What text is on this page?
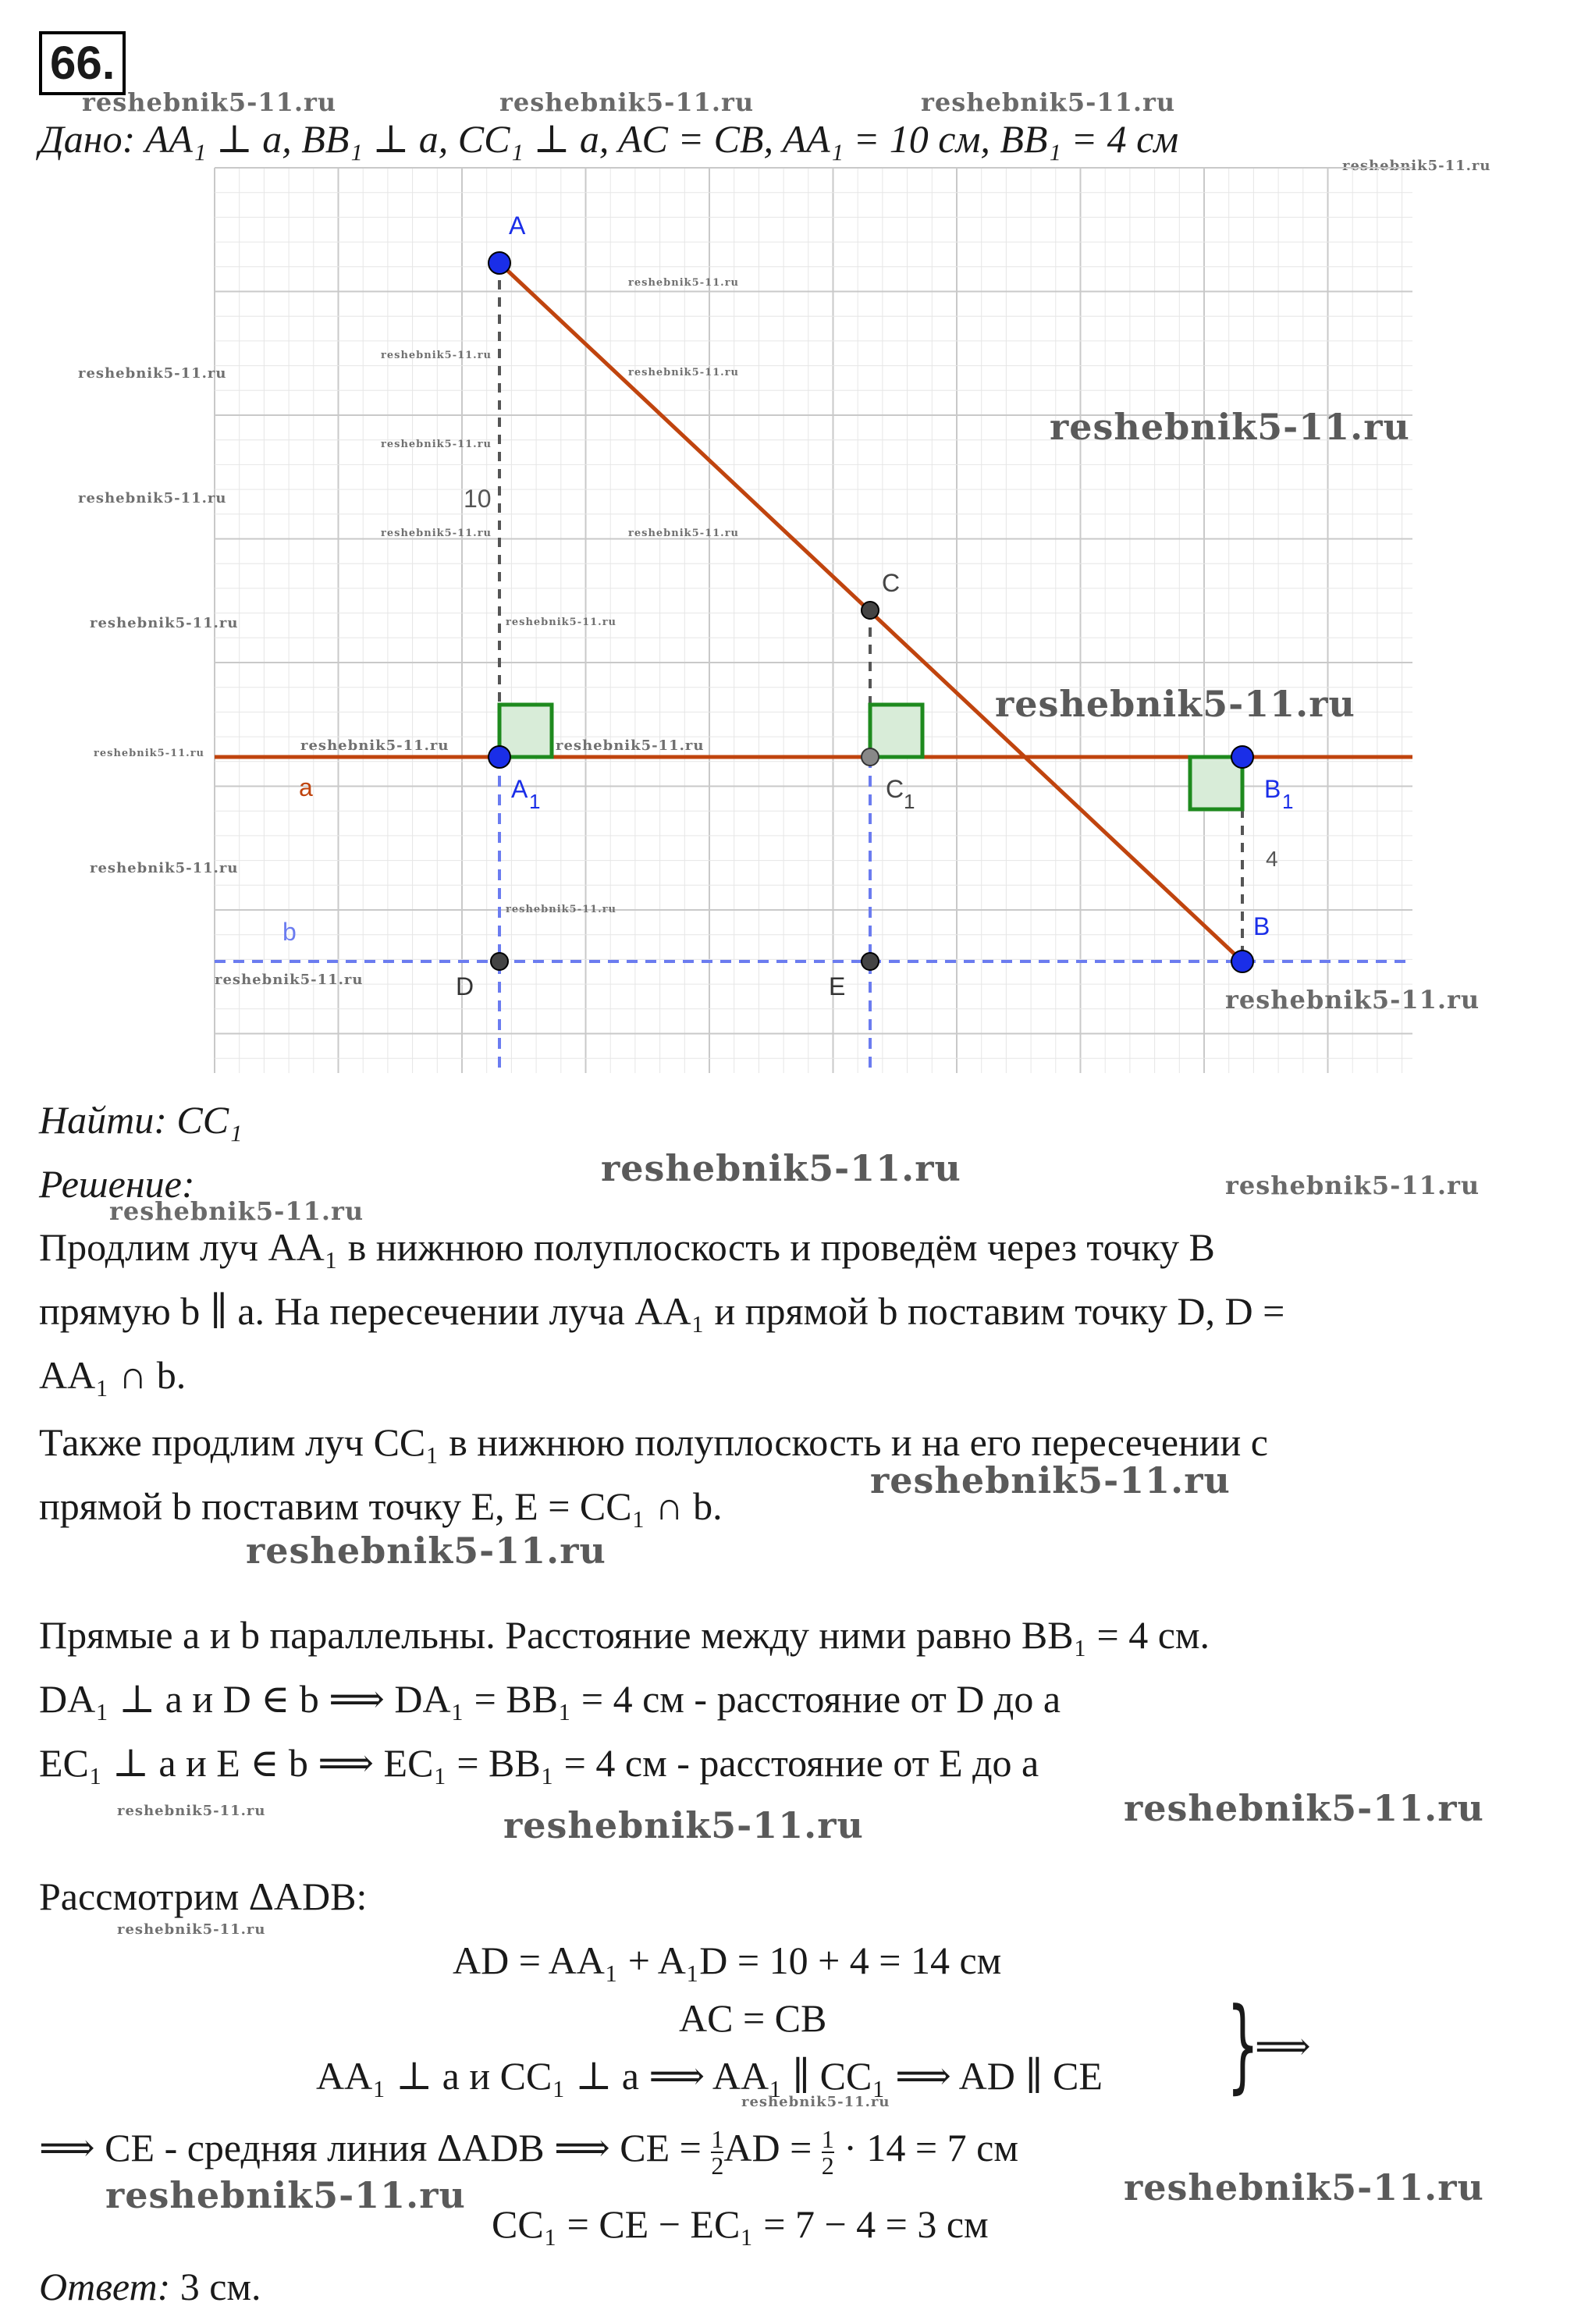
66.
reshebnik5-11.ru	reshebnik5-11.ru	reshebnik5-11.ru
reshebnik5-11.ru
Дано: AA₁ ⊥ a, BB₁ ⊥ a, CC₁ ⊥ a, AC = CB, AA₁ = 10 см, BB₁ = 4 см
A
A 1
B
B 1
C
C 1
D	E
a
b
10
4
reshebnik5-11.ru
reshebnik5-11.ru
reshebnik5-11.ru
reshebnik5-11.ru
reshebnik5-11.ru
reshebnik5-11.ru
reshebnik5-11.ru
reshebnik5-11.ru	reshebnik5-11.ru
reshebnik5-11.ru	reshebnik5-11.ru
reshebnik5-11.ru
reshebnik5-11.ru	reshebnik5-11.ru	reshebnik5-11.ru
reshebnik5-11.ru
reshebnik5-11.ru
reshebnik5-11.ru
reshebnik5-11.ru
Найти: CC₁
Решение:	reshebnik5-11.ru	reshebnik5-11.ru
reshebnik5-11.ru
Продлим луч AA₁ в нижнюю полуплоскость и проведём через точку B
прямую b ∥ a. На пересечении луча AA₁ и прямой b поставим точку D, D =
AA₁ ∩ b.
Также продлим луч CC₁ в нижнюю полуплоскость и на его пересечении с
прямой b поставим точку E, E = CC₁ ∩ b.
reshebnik5-11.ru
reshebnik5-11.ru
Прямые a и b параллельны. Расстояние между ними равно BB₁ = 4 см.
DA₁ ⊥ a и D ∈ b ⟹ DA₁ = BB₁ = 4 см - расстояние от D до a
EC₁ ⊥ a и E ∈ b ⟹ EC₁ = BB₁ = 4 см - расстояние от E до a
reshebnik5-11.ru	reshebnik5-11.ru	reshebnik5-11.ru
Рассмотрим ΔADB:
reshebnik5-11.ru
AD = AA₁ + A₁D = 10 + 4 = 14 см
AC = CB
AA₁ ⊥ a и CC₁ ⊥ a ⟹ AA₁ ∥ CC₁ ⟹ AD ∥ CE }
⟹
reshebnik5-11.ru
⟹ CE - средняя линия ΔADB ⟹ CE = $\frac{1}{2}$ AD = $\frac{1}{2} \cdot 14 = 7$ см
reshebnik5-11.ru	reshebnik5-11.ru
CC₁ = CE − EC₁ = 7 − 4 = 3 см
Ответ: 3 см.
